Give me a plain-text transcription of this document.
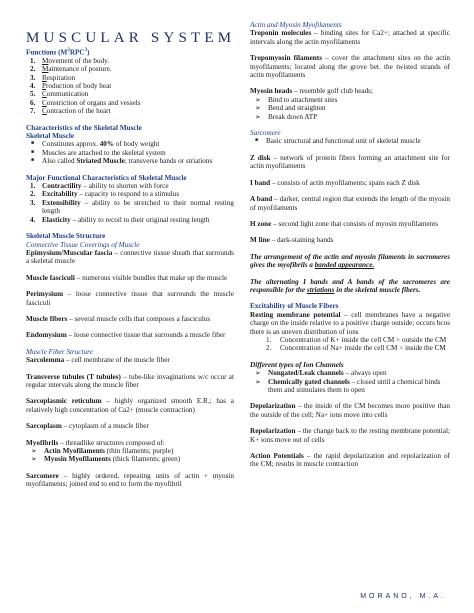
MUSCULAR SYSTEM
Functions $(M^2RPC^3)$
1. Movement of the body.
2. Maintenance of posture.
3. Respiration
4. Production of body heat
5. Communication
6. Constriction of organs and vessels
7. Contraction of the heart
Characteristics of the Skeletal Muscle
Skeletal Muscle
■ Constitutes approx. 40% of body weight
■ Muscles are attached to the skeletal system
■ Also called Striated Muscle; transverse bands or striations
Major Functional Characteristics of Skeletal Muscle
1. Contractility – ability to shorten with force
2. Excitability – capacity to respond to a stimulus
3. Extensibility – ability to be stretched to their normal resting length
4. Elasticity – ability to recoil to their original resting length
Skeletal Muscle Structure
Connective Tissue Coverings of Muscle
Epimysium/Muscular fascia – connective tissue sheath that surrounds a skeletal muscle
Muscle fasciculi – numerous visible bundles that make up the muscle
Perimysium – loose connective tissue that surrounds the muscle fasciculi
Muscle fibers – several muscle cells that composes a fasciculus
Endomysium – loose connective tissue that surrounds a muscle fiber
Muscle Fiber Structure
Sarcolemma – cell membrane of the muscle fiber
Transverse tubules (T tubules) – tube-like invaginations w/c occur at regular intervals along the muscle fiber
Sarcoplasmic reticulum – highly organized smooth E.R.; has a relatively high concentration of Ca2+ (muscle contraction)
Sarcoplasm – cytoplasm of a muscle fiber
Myofibrils – threadlike structures composed of:
➢ Actin Myofilaments (thin filaments; purple)
➢ Myosin Myofilaments (thick filaments; green)
Sarcomere – highly ordered, repeating units of actin + myosin myofilaments; joined end to end to form the myofibril
Actin and Myosin Myofilaments
Troponin molecules – binding sites for Ca2+; attached at specific intervals along the actin myofilaments
Tropomyosin filaments – cover the attachment sites on the actin myofilaments; located along the grove bet. the twisted strands of actin myofilaments
Myosin heads – resemble golf club heads;
➢ Bind to attachment sites
➢ Bend and straighten
➢ Break down ATP
Sarcomere
■ Basic structural and functional unit of skeletal muscle
Z disk – network of protein fibers forming an attachment site for actin myofilaments
I band – consists of actin myofilaments; spans each Z disk
A band – darker, central region that extends the length of the myosin of myofilaments
H zone – second light zone that consists of myosin myofilaments
M line – dark-staining bands
The arrangement of the actin and myosin filaments in sacromeres gives the myofibrils a banded appearance.
The alternating I bands and A bands of the sacromeres are responsible for the striations in the skeletal muscle fibers.
Excitability of Muscle Fibers
Resting membrane potential – cell membranes have a negative charge on the inside relative to a positive charge outside; occurs bcos there is an uneven distribution of ions
1. Concentration of K+ inside the cell CM > outside the CM
2. Concentration of Na+ inside the cell CM > inside the CM
Different types of Ion Channels
➢ Nongated/Leak channels – always open
➢ Chemically gated channels – closed until a chemical binds them and stimulates them to open
Depolarization – the inside of the CM becomes more positive than the outside of the cell; Na+ ions move into cells
Repolarization – the change back to the resting membrane potential; K+ ions move out of cells
Action Potentials – the rapid depolarization and repolarization of the CM; results in muscle contraction
MORANO, M.A.
